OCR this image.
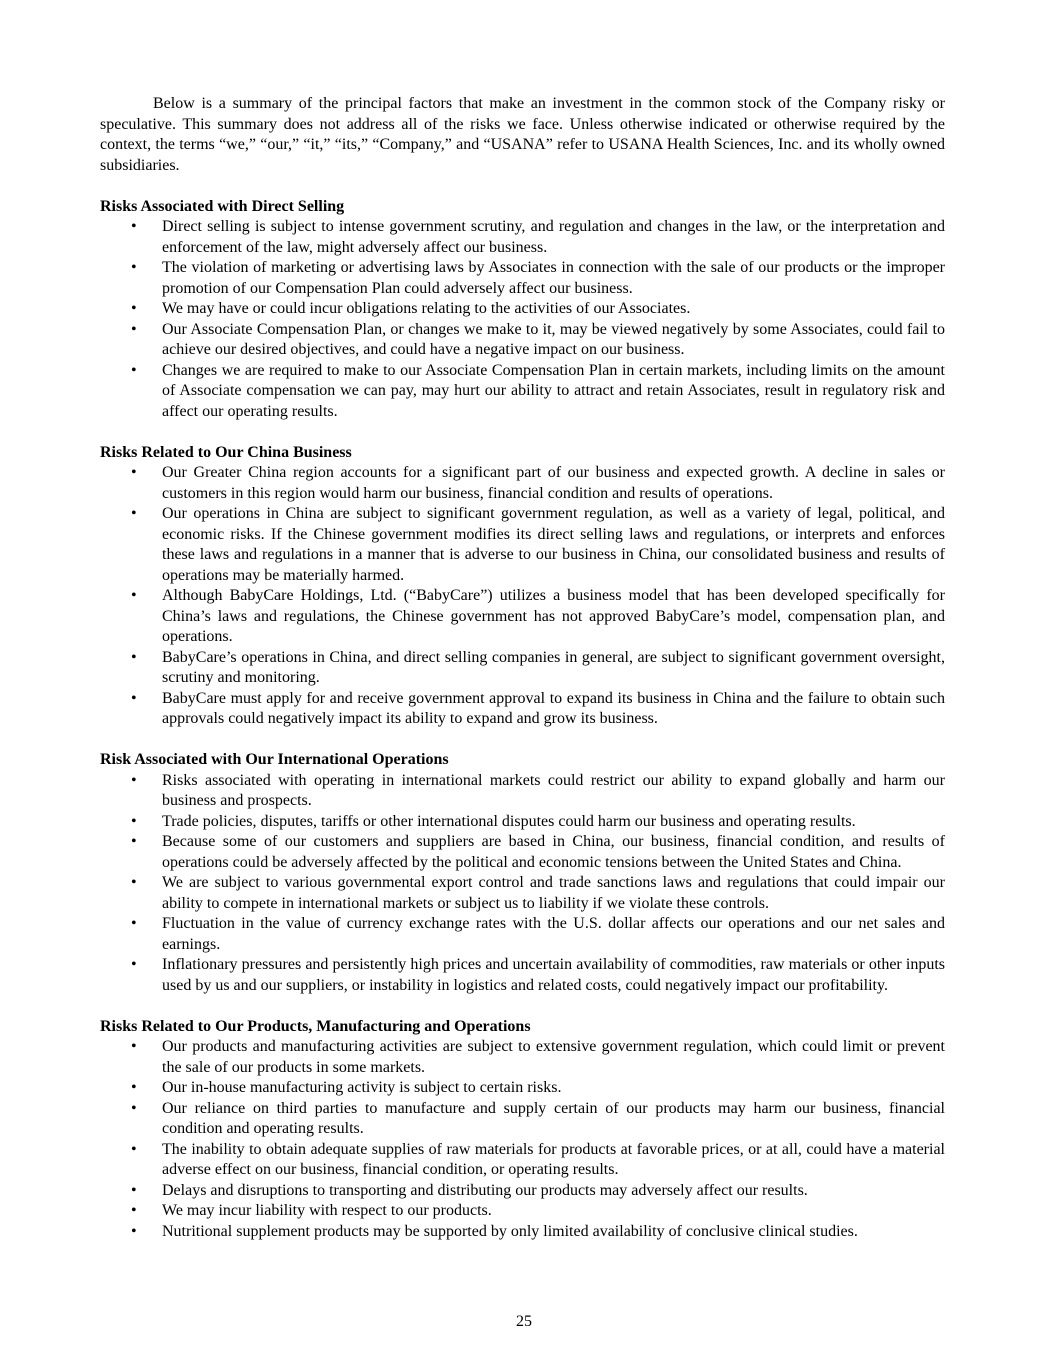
Below is a summary of the principal factors that make an investment in the common stock of the Company risky or speculative. This summary does not address all of the risks we face. Unless otherwise indicated or otherwise required by the context, the terms “we,” “our,” “it,” “its,” “Company,” and “USANA” refer to USANA Health Sciences, Inc. and its wholly owned subsidiaries.

Risks Associated with Direct Selling
•	Direct selling is subject to intense government scrutiny, and regulation and changes in the law, or the interpretation and enforcement of the law, might adversely affect our business.
•	The violation of marketing or advertising laws by Associates in connection with the sale of our products or the improper promotion of our Compensation Plan could adversely affect our business.
•	We may have or could incur obligations relating to the activities of our Associates.
•	Our Associate Compensation Plan, or changes we make to it, may be viewed negatively by some Associates, could fail to achieve our desired objectives, and could have a negative impact on our business.
•	Changes we are required to make to our Associate Compensation Plan in certain markets, including limits on the amount of Associate compensation we can pay, may hurt our ability to attract and retain Associates, result in regulatory risk and affect our operating results.
Risks Related to Our China Business
•	Our Greater China region accounts for a significant part of our business and expected growth. A decline in sales or customers in this region would harm our business, financial condition and results of operations.
•	Our operations in China are subject to significant government regulation, as well as a variety of legal, political, and economic risks. If the Chinese government modifies its direct selling laws and regulations, or interprets and enforces these laws and regulations in a manner that is adverse to our business in China, our consolidated business and results of operations may be materially harmed.
•	Although BabyCare Holdings, Ltd. (“BabyCare”) utilizes a business model that has been developed specifically for China’s laws and regulations, the Chinese government has not approved BabyCare’s model, compensation plan, and operations.
•	BabyCare’s operations in China, and direct selling companies in general, are subject to significant government oversight, scrutiny and monitoring.
•	BabyCare must apply for and receive government approval to expand its business in China and the failure to obtain such approvals could negatively impact its ability to expand and grow its business.
Risk Associated with Our International Operations
•	Risks associated with operating in international markets could restrict our ability to expand globally and harm our business and prospects.
•	Trade policies, disputes, tariffs or other international disputes could harm our business and operating results.
•	Because some of our customers and suppliers are based in China, our business, financial condition, and results of operations could be adversely affected by the political and economic tensions between the United States and China.
•	We are subject to various governmental export control and trade sanctions laws and regulations that could impair our ability to compete in international markets or subject us to liability if we violate these controls.
•	Fluctuation in the value of currency exchange rates with the U.S. dollar affects our operations and our net sales and earnings.
•	Inflationary pressures and persistently high prices and uncertain availability of commodities, raw materials or other inputs used by us and our suppliers, or instability in logistics and related costs, could negatively impact our profitability.
Risks Related to Our Products, Manufacturing and Operations
•	Our products and manufacturing activities are subject to extensive government regulation, which could limit or prevent the sale of our products in some markets.
•	Our in-house manufacturing activity is subject to certain risks.
•	Our reliance on third parties to manufacture and supply certain of our products may harm our business, financial condition and operating results.
•	The inability to obtain adequate supplies of raw materials for products at favorable prices, or at all, could have a material adverse effect on our business, financial condition, or operating results.
•	Delays and disruptions to transporting and distributing our products may adversely affect our results.
•	We may incur liability with respect to our products.
•	Nutritional supplement products may be supported by only limited availability of conclusive clinical studies.
25
